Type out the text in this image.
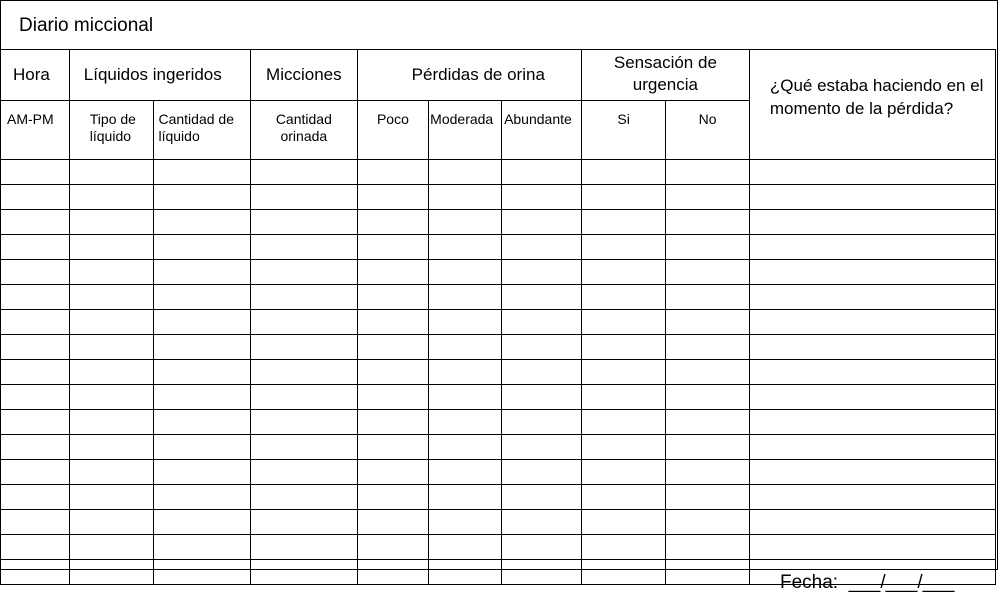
Diario miccional
Hora	Líquidos ingeridos		Micciones	Pérdidas de orina			Sensación de urgencia		¿Qué estaba haciendo en el momento de la pérdida?
AM-PM	Tipo de líquido	Cantidad de líquido	Cantidad orinada	Poco	Moderada	Abundante	Si	No	

Fecha: ___/___/___
